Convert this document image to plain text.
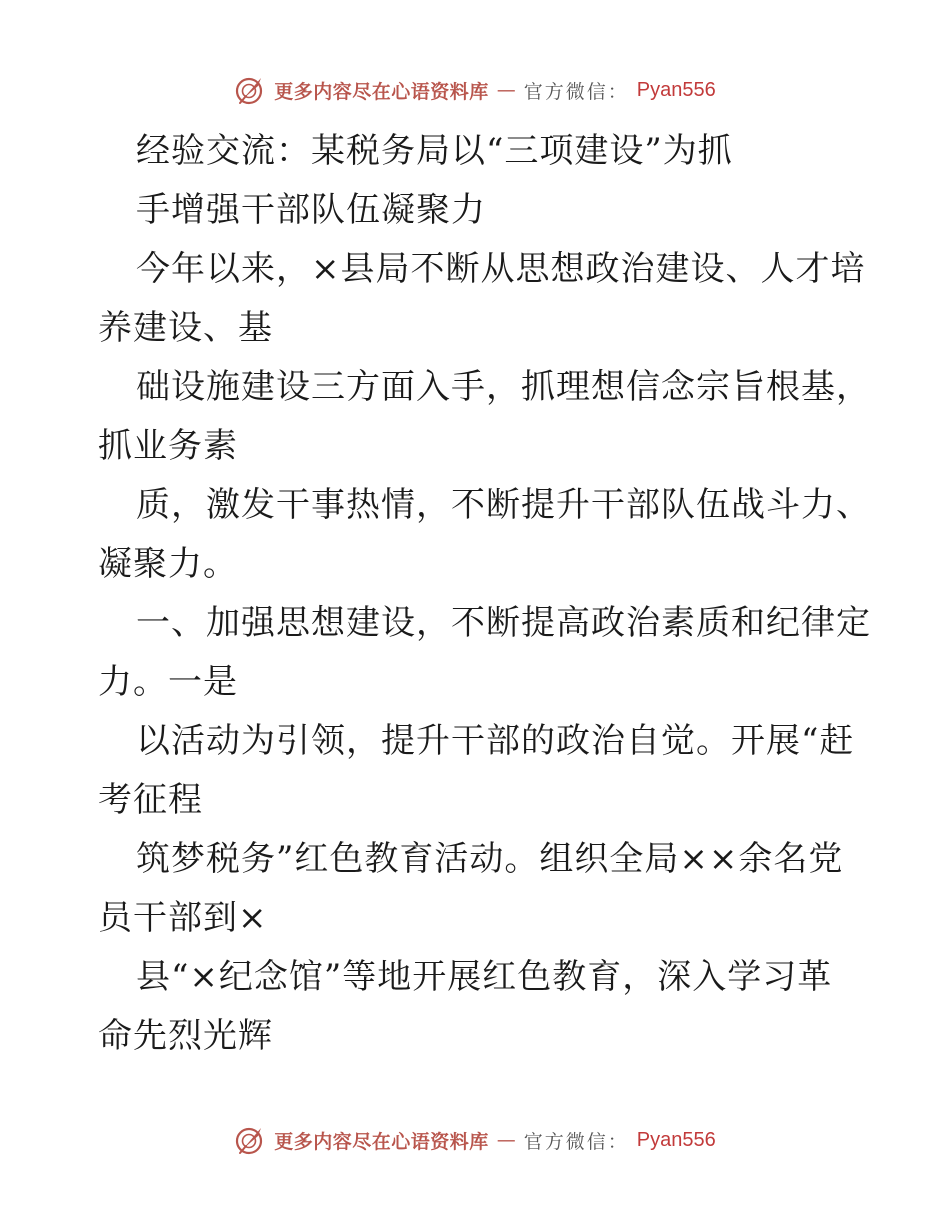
更多内容尽在心语资料库 — 官方微信： Pyan556
经验交流：某税务局以“三项建设”为抓
手增强干部队伍凝聚力
今年以来，×县局不断从思想政治建设、人才培
养建设、基
础设施建设三方面入手，抓理想信念宗旨根基，
抓业务素
质，激发干事热情，不断提升干部队伍战斗力、
凝聚力。
一、加强思想建设，不断提高政治素质和纪律定
力。一是
以活动为引领，提升干部的政治自觉。开展“赶
考征程
筑梦税务”红色教育活动。组织全局××余名党
员干部到×
县“×纪念馆”等地开展红色教育，深入学习革
命先烈光辉
更多内容尽在心语资料库 — 官方微信： Pyan556
